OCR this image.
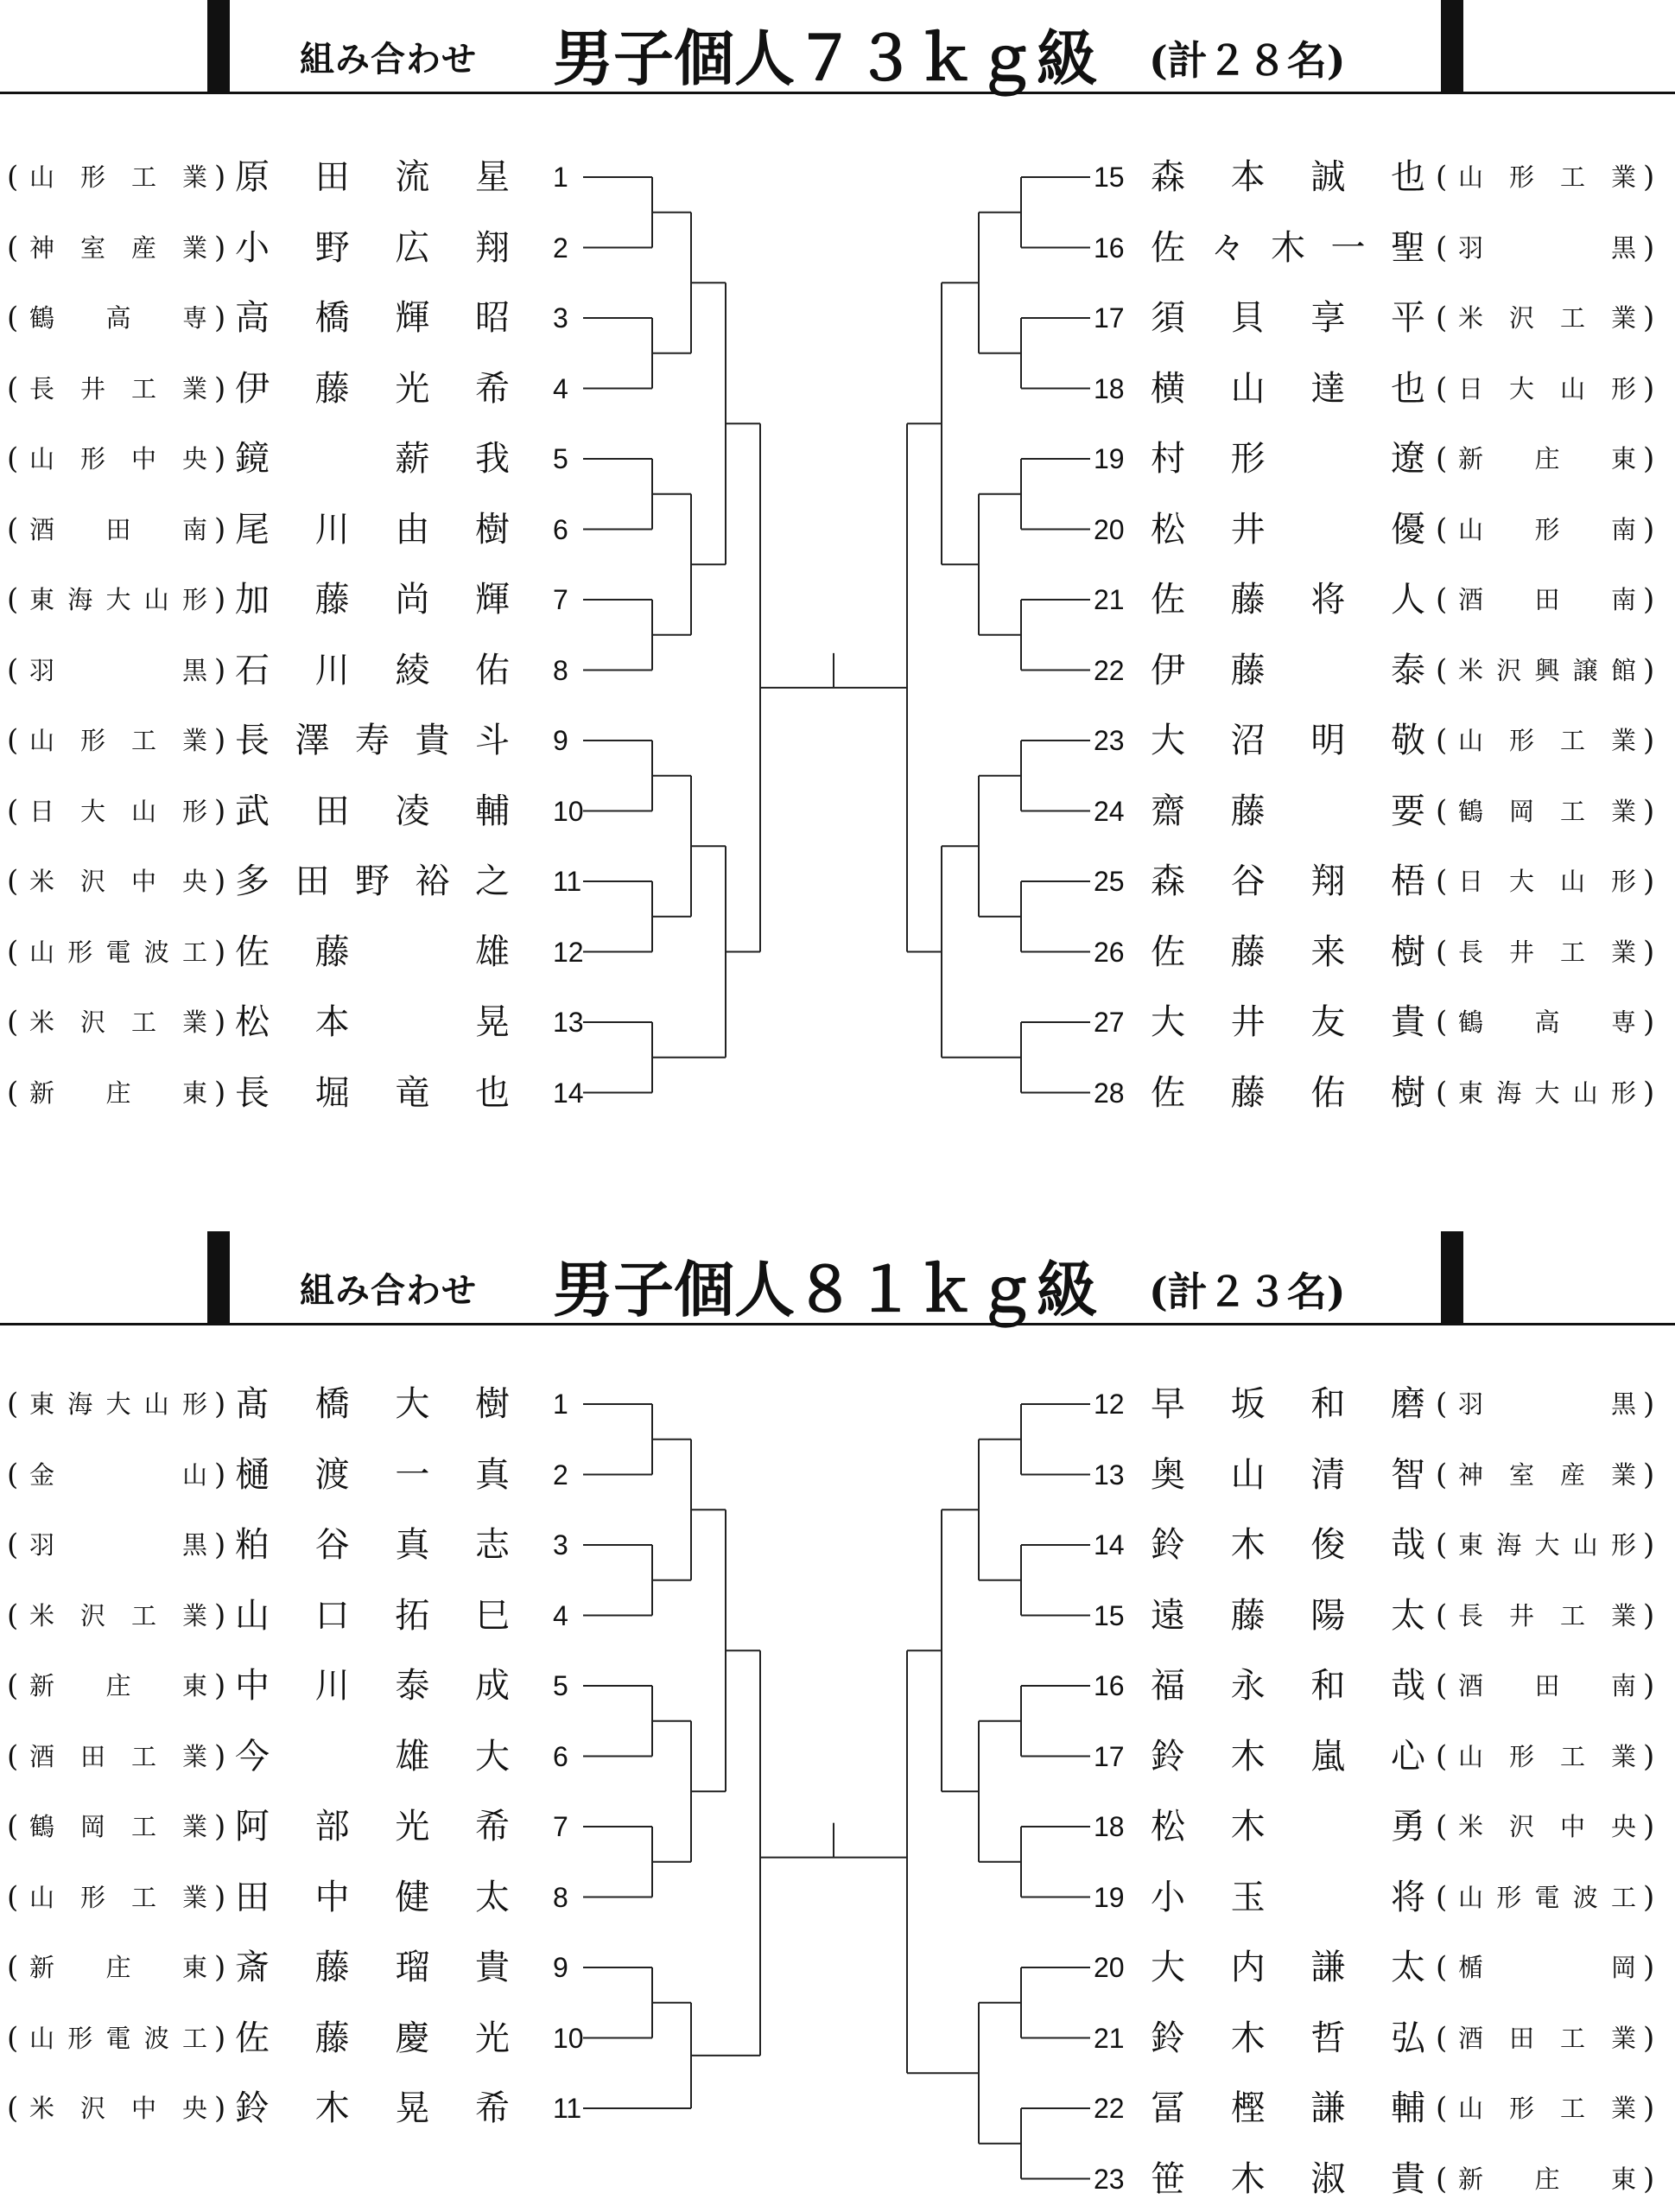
組み合わせ 男子個人７３ｋｇ級 (計２８名)
( 山形工業 ) 原田流星 1
( 神室産業 ) 小野広翔 2
( 鶴高専 ) 高橋輝昭 3
( 長井工業 ) 伊藤光希 4
( 山形中央 ) 鏡　薪我 5
( 酒田南 ) 尾川由樹 6
( 東海大山形 ) 加藤尚輝 7
( 羽黒 ) 石川綾佑 8
( 山形工業 ) 長澤寿貴斗 9
( 日大山形 ) 武田凌輔 10
( 米沢中央 ) 多田野裕之 11
( 山形電波工 ) 佐藤　雄 12
( 米沢工業 ) 松本　晃 13
( 新庄東 ) 長堀竜也 14
15 森本誠也 ( 山形工業 )
16 佐々木一聖 ( 羽黒 )
17 須貝享平 ( 米沢工業 )
18 横山達也 ( 日大山形 )
19 村形　遼 ( 新庄東 )
20 松井　優 ( 山形南 )
21 佐藤将人 ( 酒田南 )
22 伊藤　泰 ( 米沢興譲館 )
23 大沼明敬 ( 山形工業 )
24 齋藤　要 ( 鶴岡工業 )
25 森谷翔梧 ( 日大山形 )
26 佐藤来樹 ( 長井工業 )
27 大井友貴 ( 鶴高専 )
28 佐藤佑樹 ( 東海大山形 )
組み合わせ 男子個人８１ｋｇ級 (計２３名)
( 東海大山形 ) 髙橋大樹 1
( 金山 ) 樋渡一真 2
( 羽黒 ) 粕谷真志 3
( 米沢工業 ) 山口拓巳 4
( 新庄東 ) 中川泰成 5
( 酒田工業 ) 今　雄大 6
( 鶴岡工業 ) 阿部光希 7
( 山形工業 ) 田中健太 8
( 新庄東 ) 斎藤瑠貴 9
( 山形電波工 ) 佐藤慶光 10
( 米沢中央 ) 鈴木晃希 11
12 早坂和磨 ( 羽黒 )
13 奥山清智 ( 神室産業 )
14 鈴木俊哉 ( 東海大山形 )
15 遠藤陽太 ( 長井工業 )
16 福永和哉 ( 酒田南 )
17 鈴木嵐心 ( 山形工業 )
18 松木　勇 ( 米沢中央 )
19 小玉　将 ( 山形電波工 )
20 大内謙太 ( 楯岡 )
21 鈴木哲弘 ( 酒田工業 )
22 冨樫謙輔 ( 山形工業 )
23 笹木淑貴 ( 新庄東 )
